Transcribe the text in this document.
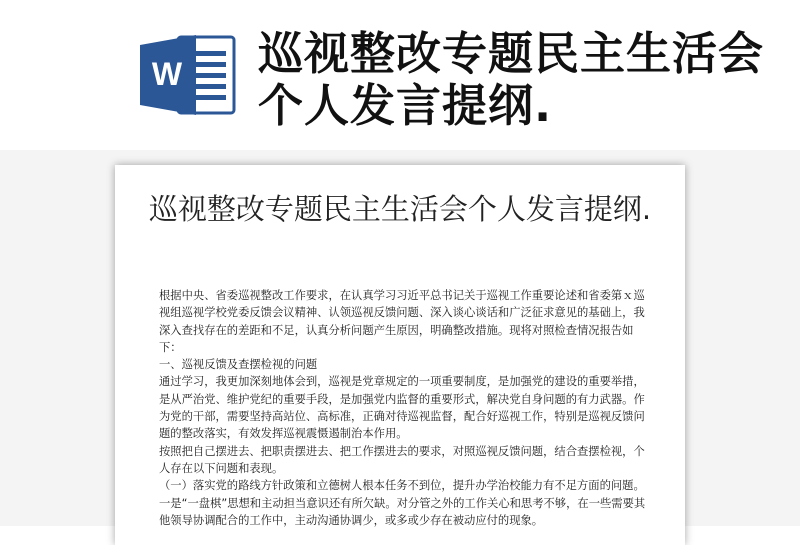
W 巡视整改专题民主生活会个人发言提纲.
巡视整改专题民主生活会个人发言提纲.

根据中央、省委巡视整改工作要求，在认真学习习近平总书记关于巡视工作重要论述和省委第ｘ巡视组巡视学校党委反馈会议精神、认领巡视反馈问题、深入谈心谈话和广泛征求意见的基础上，我深入查找存在的差距和不足，认真分析问题产生原因，明确整改措施。现将对照检查情况报告如下：

一、巡视反馈及查摆检视的问题

通过学习，我更加深刻地体会到，巡视是党章规定的一项重要制度，是加强党的建设的重要举措，是从严治党、维护党纪的重要手段，是加强党内监督的重要形式，解决党自身问题的有力武器。作为党的干部，需要坚持高站位、高标准，正确对待巡视监督，配合好巡视工作，特别是巡视反馈问题的整改落实，有效发挥巡视震慑遏制治本作用。

按照把自己摆进去、把职责摆进去、把工作摆进去的要求，对照巡视反馈问题，结合查摆检视，个人存在以下问题和表现。

（一）落实党的路线方针政策和立德树人根本任务不到位，提升办学治校能力有不足方面的问题。一是“一盘棋”思想和主动担当意识还有所欠缺。对分管之外的工作关心和思考不够，在一些需要其他领导协调配合的工作中，主动沟通协调少，或多或少存在被动应付的现象。
